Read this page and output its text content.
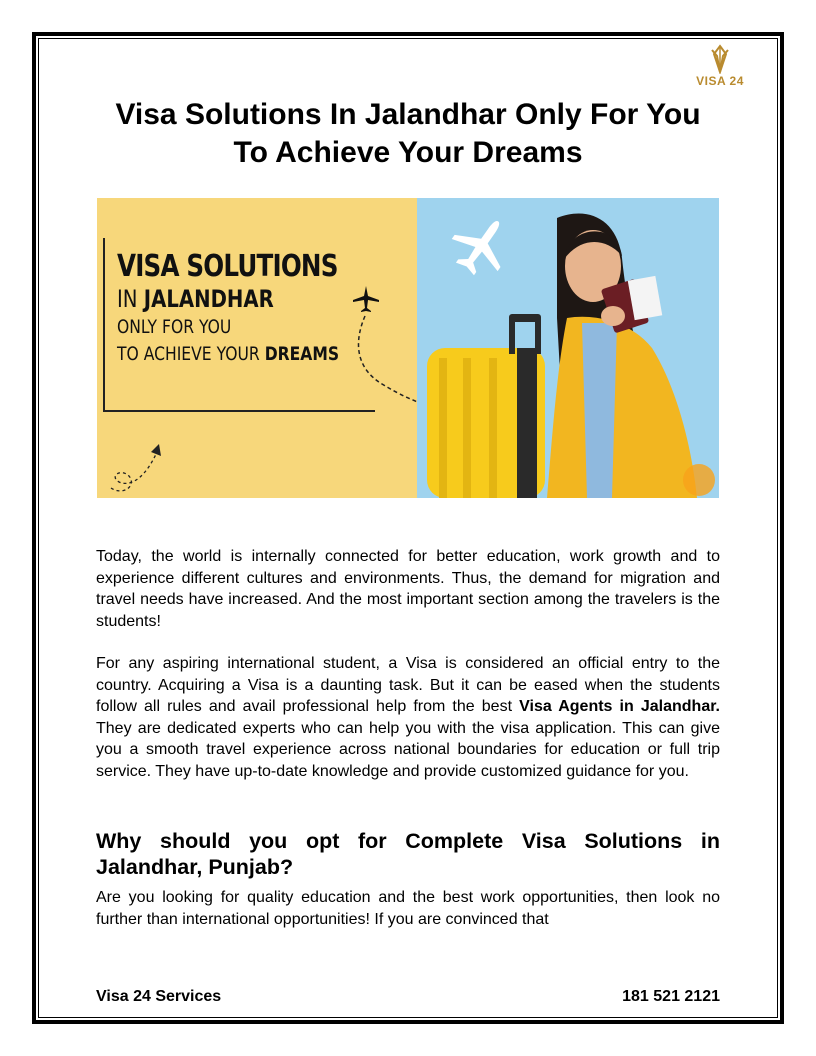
VISA 24
Visa Solutions In Jalandhar Only For You To Achieve Your Dreams
VISA SOLUTIONS
IN JALANDHAR
ONLY FOR YOU
TO ACHIEVE YOUR DREAMS

Today, the world is internally connected for better education, work growth and to experience different cultures and environments. Thus, the demand for migration and travel needs have increased. And the most important section among the travelers is the students!

For any aspiring international student, a Visa is considered an official entry to the country. Acquiring a Visa is a daunting task. But it can be eased when the students follow all rules and avail professional help from the best Visa Agents in Jalandhar. They are dedicated experts who can help you with the visa application. This can give you a smooth travel experience across national boundaries for education or full trip service. They have up-to-date knowledge and provide customized guidance for you.

Why should you opt for Complete Visa Solutions in Jalandhar, Punjab?

Are you looking for quality education and the best work opportunities, then look no further than international opportunities! If you are convinced that

Visa 24 Services	181 521 2121
